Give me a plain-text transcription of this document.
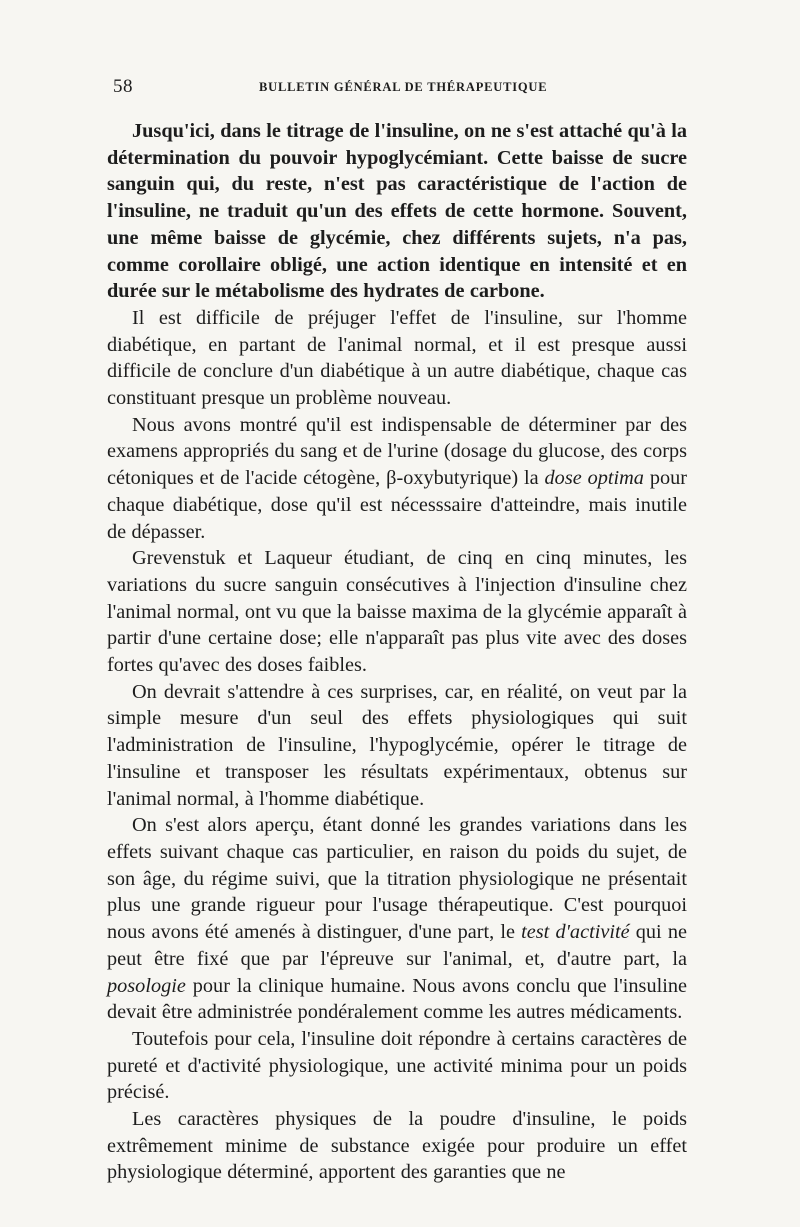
58	BULLETIN GÉNÉRAL DE THÉRAPEUTIQUE

Jusqu'ici, dans le titrage de l'insuline, on ne s'est attaché qu'à la détermination du pouvoir hypoglycémiant. Cette baisse de sucre sanguin qui, du reste, n'est pas caractéristique de l'action de l'insuline, ne traduit qu'un des effets de cette hormone. Souvent, une même baisse de glycémie, chez différents sujets, n'a pas, comme corollaire obligé, une action identique en intensité et en durée sur le métabolisme des hydrates de carbone.

Il est difficile de préjuger l'effet de l'insuline, sur l'homme diabétique, en partant de l'animal normal, et il est presque aussi difficile de conclure d'un diabétique à un autre diabétique, chaque cas constituant presque un problème nouveau.

Nous avons montré qu'il est indispensable de déterminer par des examens appropriés du sang et de l'urine (dosage du glucose, des corps cétoniques et de l'acide cétogène, β-oxybutyrique) la dose optima pour chaque diabétique, dose qu'il est nécesssaire d'atteindre, mais inutile de dépasser.

Grevenstuk et Laqueur étudiant, de cinq en cinq minutes, les variations du sucre sanguin consécutives à l'injection d'insuline chez l'animal normal, ont vu que la baisse maxima de la glycémie apparaît à partir d'une certaine dose; elle n'apparaît pas plus vite avec des doses fortes qu'avec des doses faibles.

On devrait s'attendre à ces surprises, car, en réalité, on veut par la simple mesure d'un seul des effets physiologiques qui suit l'administration de l'insuline, l'hypoglycémie, opérer le titrage de l'insuline et transposer les résultats expérimentaux, obtenus sur l'animal normal, à l'homme diabétique.

On s'est alors aperçu, étant donné les grandes variations dans les effets suivant chaque cas particulier, en raison du poids du sujet, de son âge, du régime suivi, que la titration physiologique ne présentait plus une grande rigueur pour l'usage thérapeutique. C'est pourquoi nous avons été amenés à distinguer, d'une part, le test d'activité qui ne peut être fixé que par l'épreuve sur l'animal, et, d'autre part, la posologie pour la clinique humaine. Nous avons conclu que l'insuline devait être administrée pondéralement comme les autres médicaments.

Toutefois pour cela, l'insuline doit répondre à certains caractères de pureté et d'activité physiologique, une activité minima pour un poids précisé.

Les caractères physiques de la poudre d'insuline, le poids extrêmement minime de substance exigée pour produire un effet physiologique déterminé, apportent des garanties que ne
